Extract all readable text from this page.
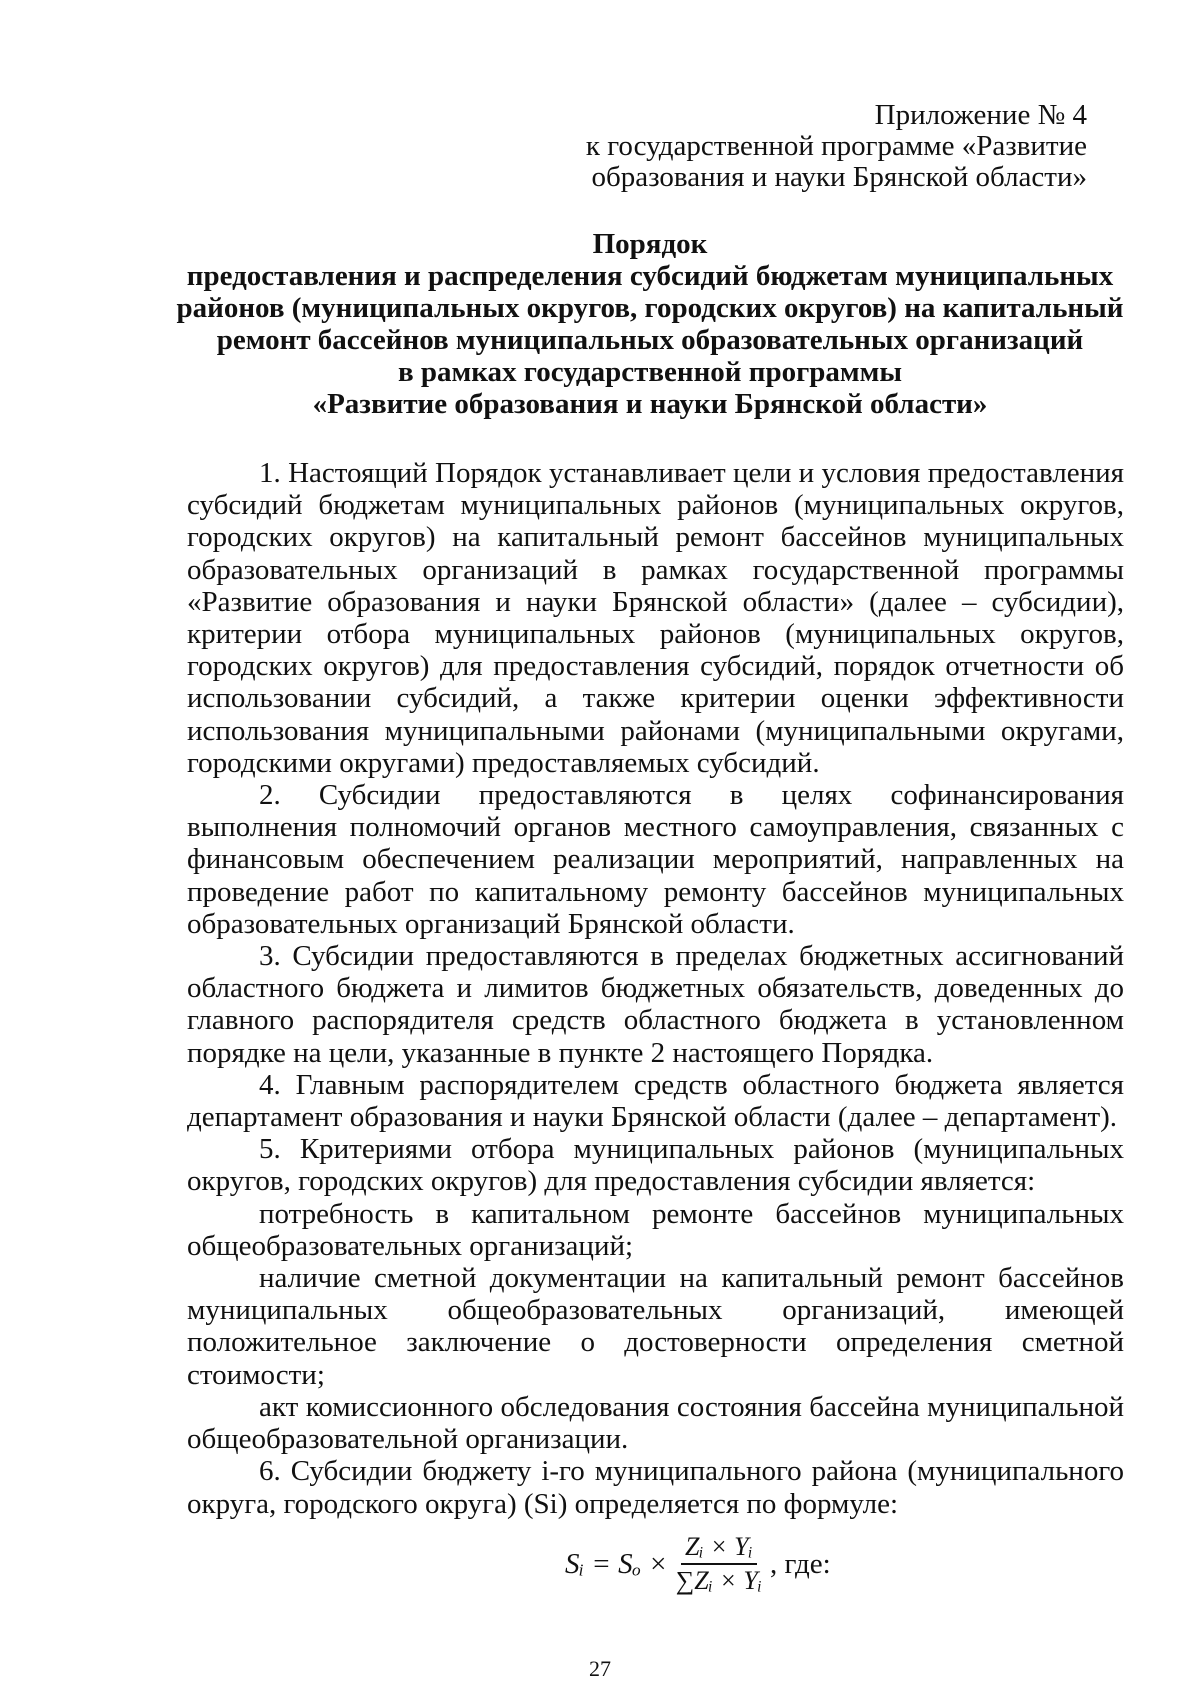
Приложение № 4
к государственной программе «Развитие
образования и науки Брянской области»
Порядок
предоставления и распределения субсидий бюджетам муниципальных
районов (муниципальных округов, городских округов) на капитальный
ремонт бассейнов муниципальных образовательных организаций
в рамках государственной программы
«Развитие образования и науки Брянской области»

1. Настоящий Порядок устанавливает цели и условия предоставления субсидий бюджетам муниципальных районов (муниципальных округов, городских округов) на капитальный ремонт бассейнов муниципальных образовательных организаций в рамках государственной программы «Развитие образования и науки Брянской области» (далее – субсидии), критерии отбора муниципальных районов (муниципальных округов, городских округов) для предоставления субсидий, порядок отчетности об использовании субсидий, а также критерии оценки эффективности использования муниципальными районами (муниципальными округами, городскими округами) предоставляемых субсидий.

2. Субсидии предоставляются в целях софинансирования выполнения полномочий органов местного самоуправления, связанных с финансовым обеспечением реализации мероприятий, направленных на проведение работ по капитальному ремонту бассейнов муниципальных образовательных организаций Брянской области.

3. Субсидии предоставляются в пределах бюджетных ассигнований областного бюджета и лимитов бюджетных обязательств, доведенных до главного распорядителя средств областного бюджета в установленном порядке на цели, указанные в пункте 2 настоящего Порядка.

4. Главным распорядителем средств областного бюджета является департамент образования и науки Брянской области (далее – департамент).

5. Критериями отбора муниципальных районов (муниципальных округов, городских округов) для предоставления субсидии является:

потребность в капитальном ремонте бассейнов муниципальных общеобразовательных организаций;

наличие сметной документации на капитальный ремонт бассейнов муниципальных общеобразовательных организаций, имеющей положительное заключение о достоверности определения сметной стоимости;

акт комиссионного обследования состояния бассейна муниципальной общеобразовательной организации.

6. Субсидии бюджету i-го муниципального района (муниципального округа, городского округа) (Si) определяется по формуле:

Sᵢ = $S_o \times \frac{\text{Zᵢ × Yᵢ}}{\text{∑Zᵢ × Yᵢ}}$ , где:
27
